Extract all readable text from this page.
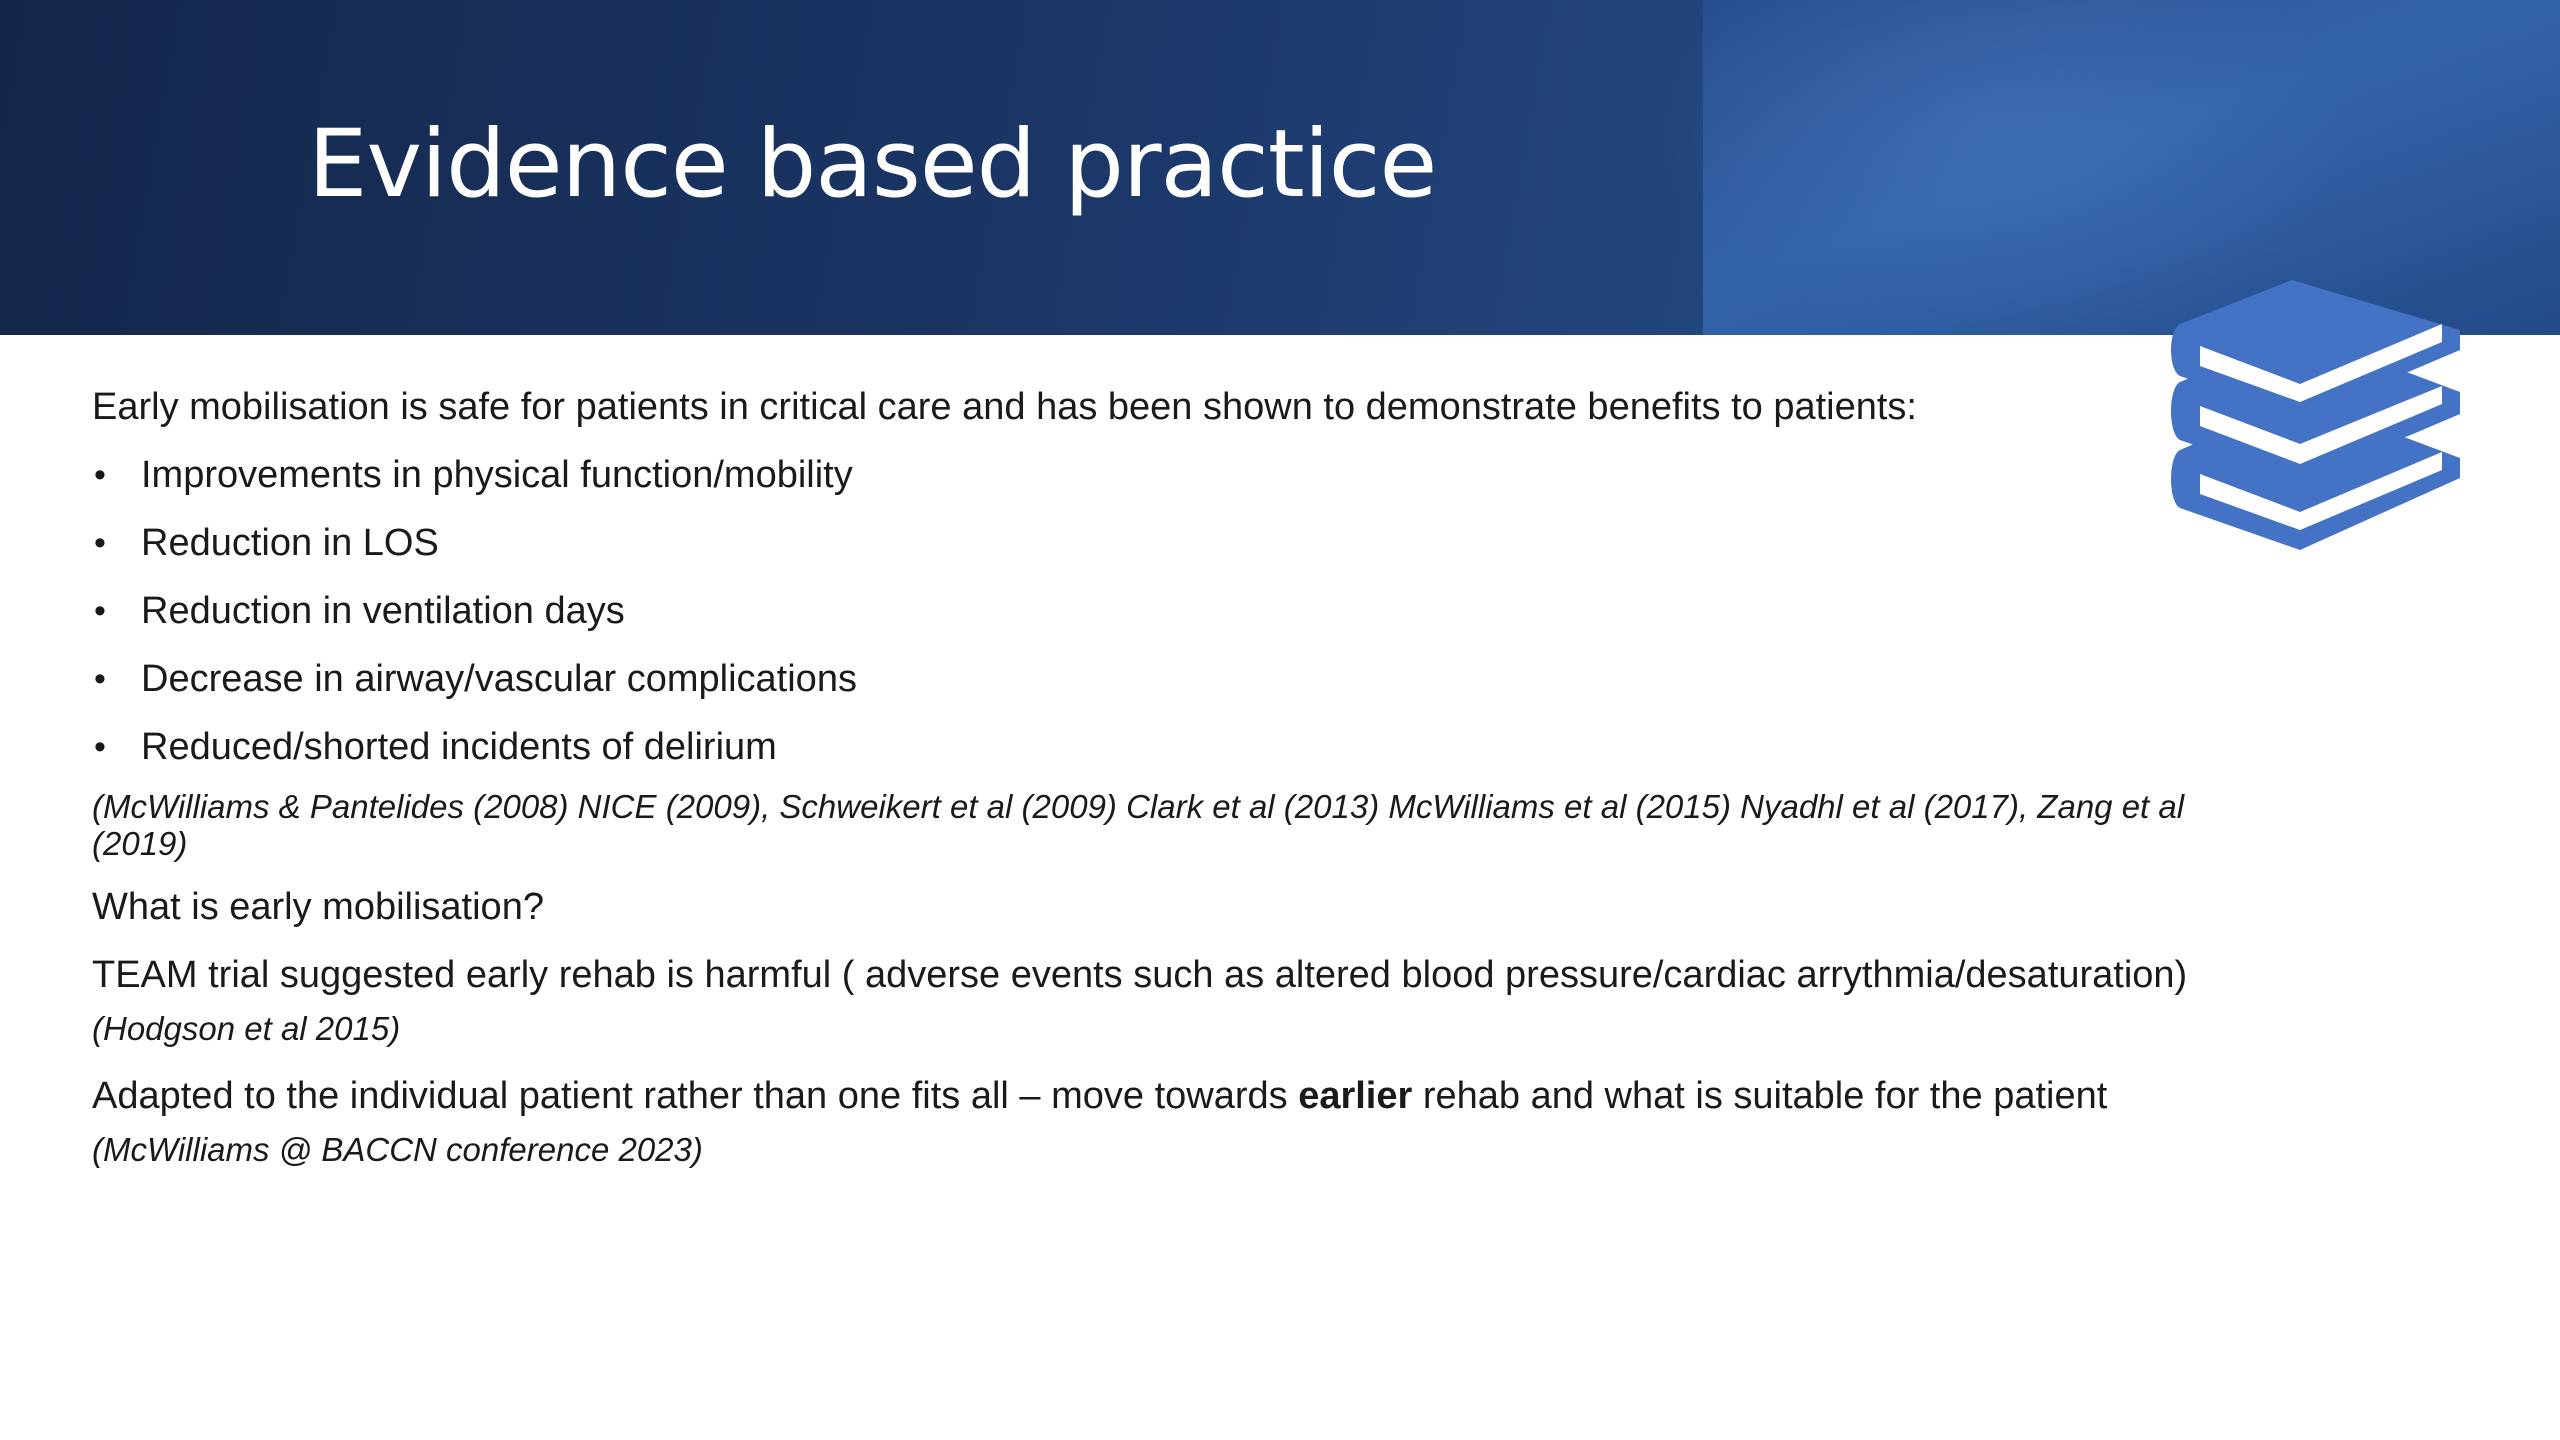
Evidence based practice

Early mobilisation is safe for patients in critical care and has been shown to demonstrate benefits to patients:

• Improvements in physical function/mobility
• Reduction in LOS
• Reduction in ventilation days
• Decrease in airway/vascular complications
• Reduced/shorted incidents of delirium

(McWilliams & Pantelides (2008) NICE (2009), Schweikert et al (2009) Clark et al (2013) McWilliams et al (2015) Nyadhl et al (2017), Zang et al (2019)

What is early mobilisation?

TEAM trial suggested early rehab is harmful ( adverse events such as altered blood pressure/cardiac arrythmia/desaturation)

(Hodgson et al 2015)

Adapted to the individual patient rather than one fits all – move towards earlier rehab and what is suitable for the patient

(McWilliams @ BACCN conference 2023)
